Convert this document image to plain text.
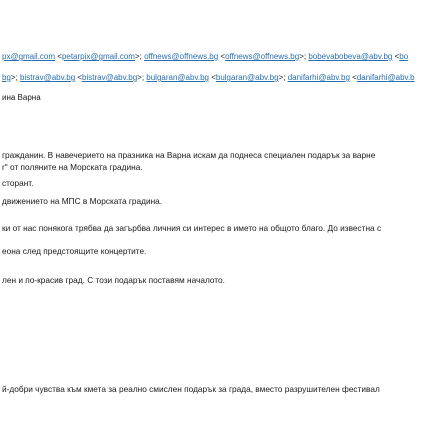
px@gmail.com <petarpix@gmail.com>; offnews@offnews.bg <offnews@offnews.bg>; bobevabobeva@abv.bg <bo
bg>; bistrav@abv.bg <bistrav@abv.bg>; bulgaran@abv.bg <bulgaran@abv.bg>; danifarhi@abv.bg <danifarhi@abv.b
ина Варна
гражданин. В навечерието на празника на Варна искам да поднеса специален подарък за варне
r" от поляните на Морската градина.
сторант.
движението на МПС в Морската градина.
ки от нас понякога трябва да загърбва личния си интерес в името на общото благо. До известна с
еона след предстоящите концертите.
лен и по-красив град. С този подарък поставям началото.
й-добри чувства към кмета за реално смислен подарък за града, вместо разрушителен фестивал
